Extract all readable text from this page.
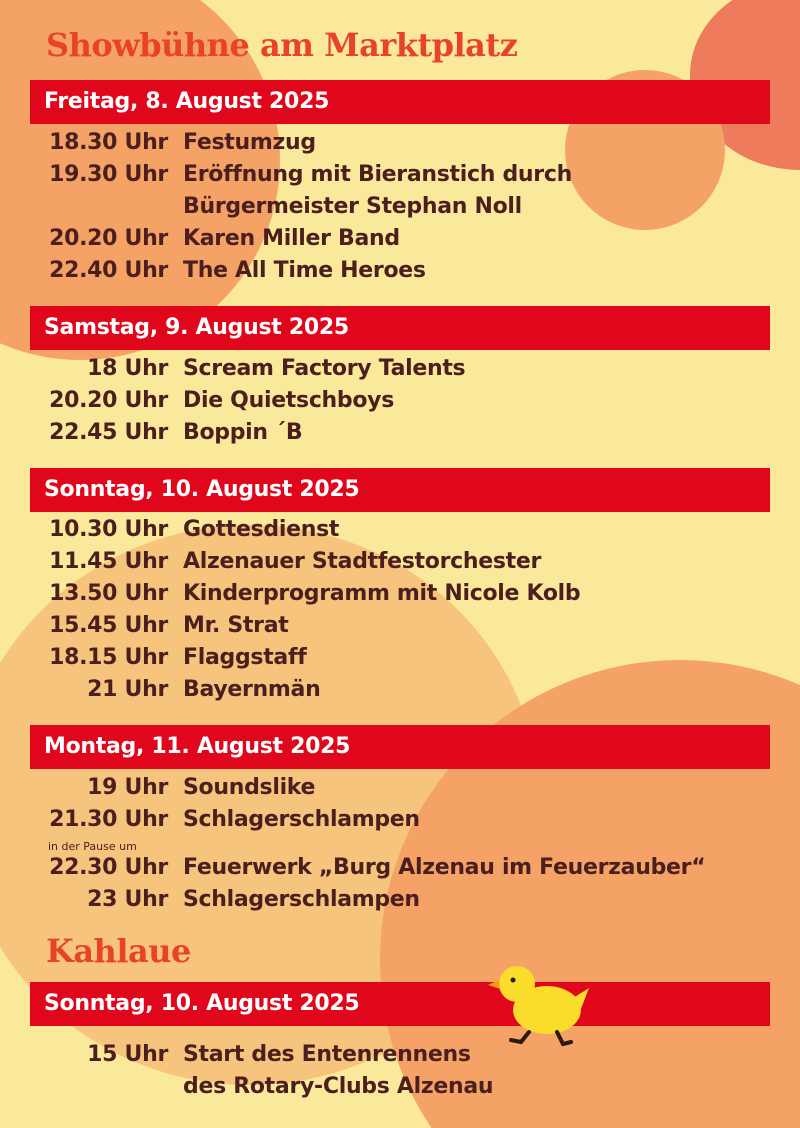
Showbühne am Marktplatz
Freitag, 8. August 2025
18.30 Uhr Festumzug
19.30 Uhr Eröffnung mit Bieranstich durch
Bürgermeister Stephan Noll
20.20 Uhr Karen Miller Band
22.40 Uhr The All Time Heroes
Samstag, 9. August 2025
18 Uhr Scream Factory Talents
20.20 Uhr Die Quietschboys
22.45 Uhr Boppin ´B
Sonntag, 10. August 2025
10.30 Uhr Gottesdienst
11.45 Uhr Alzenauer Stadtfestorchester
13.50 Uhr Kinderprogramm mit Nicole Kolb
15.45 Uhr Mr. Strat
18.15 Uhr Flaggstaff
21 Uhr Bayernmän
Montag, 11. August 2025
19 Uhr Soundslike
21.30 Uhr Schlagerschlampen
in der Pause um
22.30 Uhr Feuerwerk „Burg Alzenau im Feuerzauber“
23 Uhr Schlagerschlampen
Kahlaue
Sonntag, 10. August 2025
15 Uhr Start des Entenrennens
des Rotary-Clubs Alzenau
